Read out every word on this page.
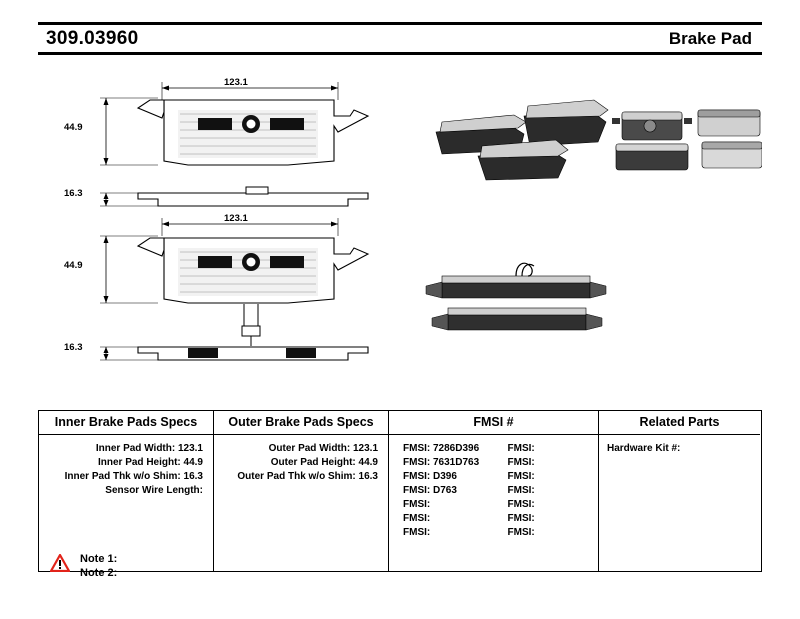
309.03960	Brake Pad
123.1
44.9
16.3
123.1
44.9
16.3
Inner Brake Pads Specs
Inner Pad Width: 123.1
Inner Pad Height: 44.9
Inner Pad Thk w/o Shim: 16.3
Sensor Wire Length:
Outer Brake Pads Specs
Outer Pad Width: 123.1
Outer Pad Height: 44.9
Outer Pad Thk w/o Shim: 16.3
FMSI #
FMSI: 7286D396
FMSI: 7631D763
FMSI: D396
FMSI: D763
FMSI:
FMSI:
FMSI:
FMSI:
FMSI:
FMSI:
FMSI:
FMSI:
FMSI:
FMSI:
Related Parts
Hardware Kit #:
Note 1:
Note 2:
